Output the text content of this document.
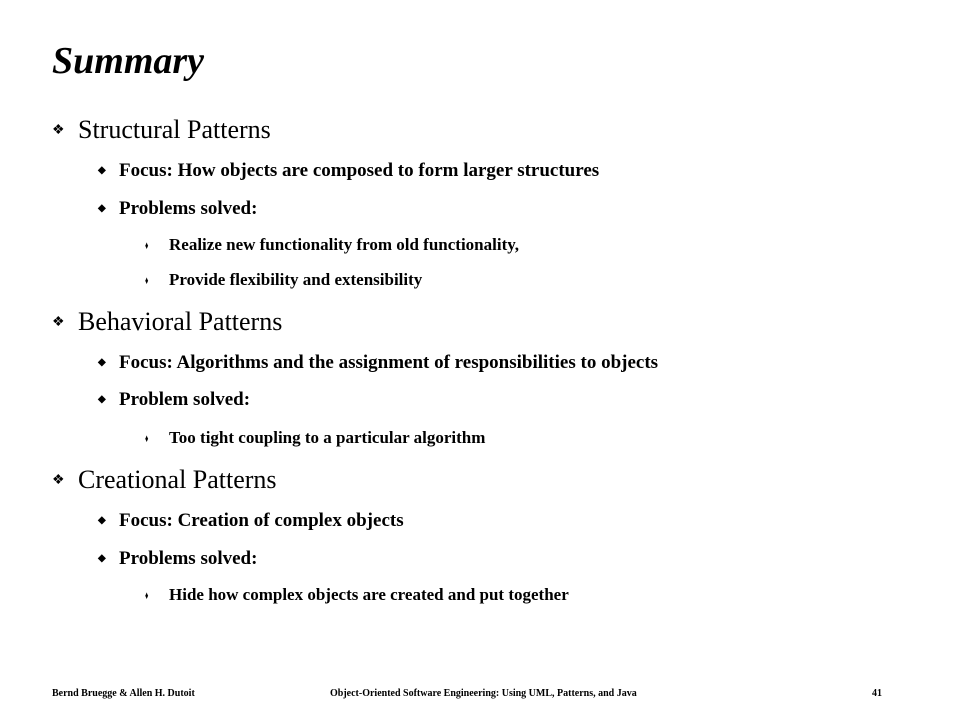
Summary
❖ Structural Patterns
◆ Focus: How objects are composed to form larger structures
◆ Problems solved:
♦ Realize new functionality from old functionality,
♦ Provide flexibility and extensibility
❖ Behavioral Patterns
◆ Focus: Algorithms and the assignment of responsibilities to objects
◆ Problem solved:
♦ Too tight coupling to a particular algorithm
❖ Creational Patterns
◆ Focus: Creation of complex objects
◆ Problems solved:
♦ Hide how complex objects are created and put together
Bernd Bruegge & Allen H. Dutoit	Object-Oriented Software Engineering: Using UML, Patterns, and Java	41
